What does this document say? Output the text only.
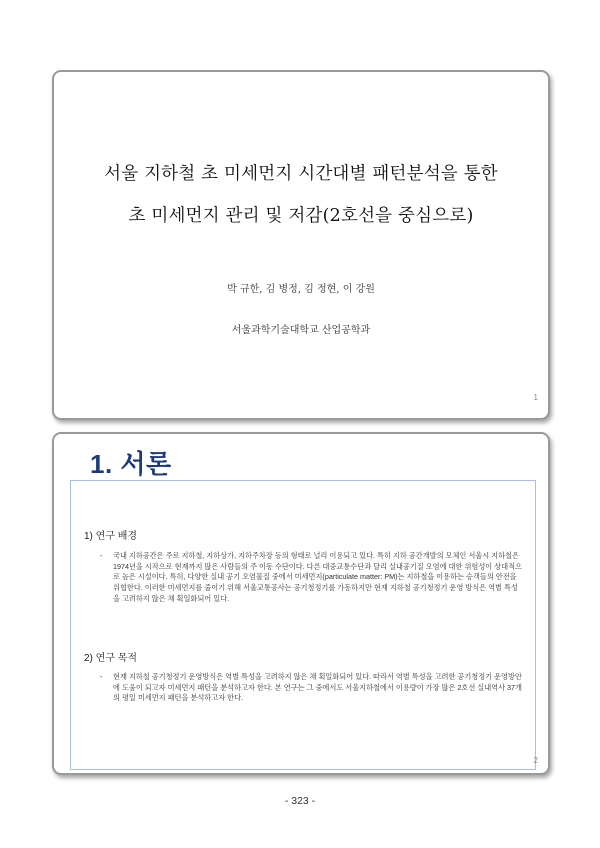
서울 지하철 초 미세먼지 시간대별 패턴분석을 통한
초 미세먼지 관리 및 저감(2호선을 중심으로)
박 규한, 김 병정, 김 정현, 이 강원
서울과학기술대학교 산업공학과
1
1. 서론
1) 연구 배경
- 국내 지하공간은 주로 지하철, 지하상가, 지하주차장 등의 형태로 널리 이용되고 있다. 특히 지하 공간개발의 모체인 서울시 지하철은 1974년을 시작으로 현재까지 많은 사람들의 주 이동 수단이다. 다른 대중교통수단과 달리 실내공기질 오염에 대한 위험성이 상대적으로 높은 시설이다. 특히, 다양한 실내 공기 오염물질 중에서 미세먼지(particulate matter: PM)는 지하철을 이용하는 승객들의 안전을 위협한다. 이러한 미세먼지를 줄이기 위해 서울교통공사는 공기청정기를 가동하지만 현재 지하철 공기청정기 운영 방식은 역별 특성을 고려하지 않은 채 획일화되어 있다.
2) 연구 목적
- 현재 지하철 공기청정기 운영방식은 역별 특성을 고려하지 않은 채 획일화되어 있다. 따라서 역별 특성을 고려한 공기청정기 운영방안에 도움이 되고자 미세먼지 패턴을 분석하고자 한다. 본 연구는 그 중에서도 서울지하철에서 이용량이 가장 많은 2호선 실내역사 37개의 평일 미세먼지 패턴을 분석하고자 한다.
2
- 323 -
